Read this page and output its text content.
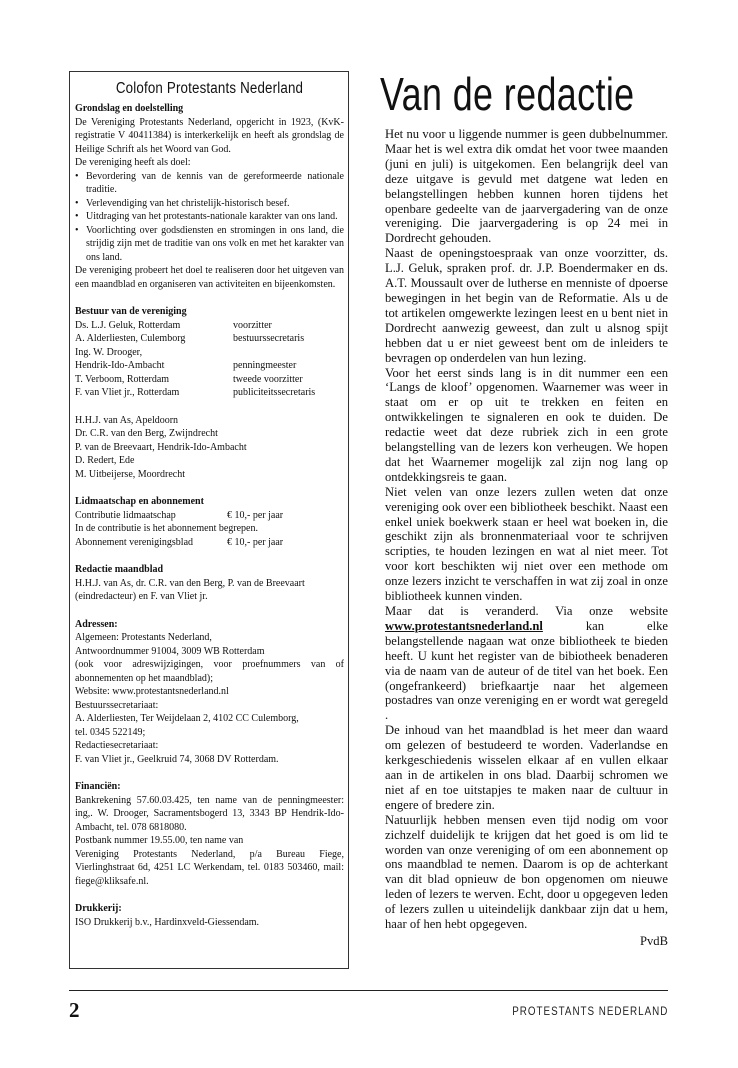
Colofon Protestants Nederland

Grondslag en doelstelling

De Vereniging Protestants Nederland, opgericht in 1923, (KvK-registratie V 40411384) is interkerkelijk en heeft als grondslag de Heilige Schrift als het Woord van God.

De vereniging heeft als doel:

• Bevordering van de kennis van de gereformeerde nationale traditie.
• Verlevendiging van het christelijk-historisch besef.
• Uitdraging van het protestants-nationale karakter van ons land.
• Voorlichting over godsdiensten en stromingen in ons land, die strijdig zijn met de traditie van ons volk en met het karakter van ons land.

De vereniging probeert het doel te realiseren door het uitgeven van een maandblad en organiseren van activiteiten en bijeenkomsten.

Bestuur van de vereniging

Ds. L.J. Geluk, Rotterdam	voorzitter
A. Alderliesten, Culemborg	bestuurssecretaris
Ing. W. Drooger,
Hendrik-Ido-Ambacht	penningmeester
T. Verboom, Rotterdam	tweede voorzitter
F. van Vliet jr., Rotterdam	publiciteitssecretaris
H.H.J. van As, Apeldoorn
Dr. C.R. van den Berg, Zwijndrecht
P. van de Breevaart, Hendrik-Ido-Ambacht
D. Redert, Ede
M. Uitbeijerse, Moordrecht

Lidmaatschap en abonnement

Contributie lidmaatschap	€ 10,- per jaar
In de contributie is het abonnement begrepen.
Abonnement verenigingsblad	€ 10,- per jaar

Redactie maandblad

H.H.J. van As, dr. C.R. van den Berg, P. van de Breevaart (eindredacteur) en F. van Vliet jr.

Adressen:

Algemeen: Protestants Nederland,
Antwoordnummer 91004, 3009 WB Rotterdam
(ook voor adreswijzigingen, voor proefnummers van of abonnementen op het maandblad);
Website: www.protestantsnederland.nl
Bestuurssecretariaat:
A. Alderliesten, Ter Weijdelaan 2, 4102 CC Culemborg,
tel. 0345 522149;
Redactiesecretariaat:
F. van Vliet jr., Geelkruid 74, 3068 DV Rotterdam.

Financiën:

Bankrekening 57.60.03.425, ten name van de penningmeester: ing,. W. Drooger, Sacramentsbogerd 13, 3343 BP Hendrik-Ido-Ambacht, tel. 078 6818080.
Postbank nummer 19.55.00, ten name van
Vereniging Protestants Nederland, p/a Bureau Fiege, Vierlinghstraat 6d, 4251 LC Werkendam, tel. 0183 503460, mail: fiege@kliksafe.nl.

Drukkerij:

ISO Drukkerij b.v., Hardinxveld-Giessendam.

Van de redactie

Het nu voor u liggende nummer is geen dubbelnummer. Maar het is wel extra dik omdat het voor twee maanden (juni en juli) is uitgekomen. Een belangrijk deel van deze uitgave is gevuld met datgene wat leden en belangstellingen hebben kunnen horen tijdens het openbare gedeelte van de jaarvergadering van de onze vereniging. Die jaarvergadering is op 24 mei in Dordrecht gehouden.

Naast de openingstoespraak van onze voorzitter, ds. L.J. Geluk, spraken prof. dr. J.P. Boendermaker en ds. A.T. Moussault over de lutherse en menniste of dpoerse bewegingen in het begin van de Reformatie. Als u de tot artikelen omgewerkte lezingen leest en u bent niet in Dordrecht aanwezig geweest, dan zult u alsnog spijt hebben dat u er niet geweest bent om de inleiders te bevragen op onderdelen van hun lezing.

Voor het eerst sinds lang is in dit nummer een een ‘Langs de kloof’ opgenomen. Waarnemer was weer in staat om er op uit te trekken en feiten en ontwikkelingen te signaleren en ook te duiden. De redactie weet dat deze rubriek zich in een grote belangstelling van de lezers kon verheugen. We hopen dat het Waarnemer mogelijk zal zijn nog lang op ontdekkingsreis te gaan.

Niet velen van onze lezers zullen weten dat onze vereniging ook over een bibliotheek beschikt. Naast een enkel uniek boekwerk staan er heel wat boeken in, die geschikt zijn als bronnenmateriaal voor te schrijven scripties, te houden lezingen en wat al niet meer. Tot voor kort beschikten wij niet over een methode om onze lezers inzicht te verschaffen in wat zij zoal in onze bibliotheek kunnen vinden.

Maar dat is veranderd. Via onze website www.protestantsnederland.nl kan elke belangstellende nagaan wat onze bibliotheek te bieden heeft. U kunt het register van de bibiotheek benaderen via de naam van de auteur of de titel van het boek. Een (ongefrankeerd) briefkaartje naar het algemeen postadres van onze vereniging en er wordt wat geregeld .

De inhoud van het maandblad is het meer dan waard om gelezen of bestudeerd te worden. Vaderlandse en kerkgeschiedenis wisselen elkaar af en vullen elkaar aan in de artikelen in ons blad. Daarbij schromen we niet af en toe uitstapjes te maken naar de cultuur in engere of bredere zin.

Natuurlijk hebben mensen even tijd nodig om voor zichzelf duidelijk te krijgen dat het goed is om lid te worden van onze vereniging of om een abonnement op ons maandblad te nemen. Daarom is op de achterkant van dit blad opnieuw de bon opgenomen om nieuwe leden of lezers te werven. Echt, door u opgegeven leden of lezers zullen u uiteindelijk dankbaar zijn dat u hem, haar of hen hebt opgegeven.

PvdB

2	PROTESTANTS NEDERLAND
